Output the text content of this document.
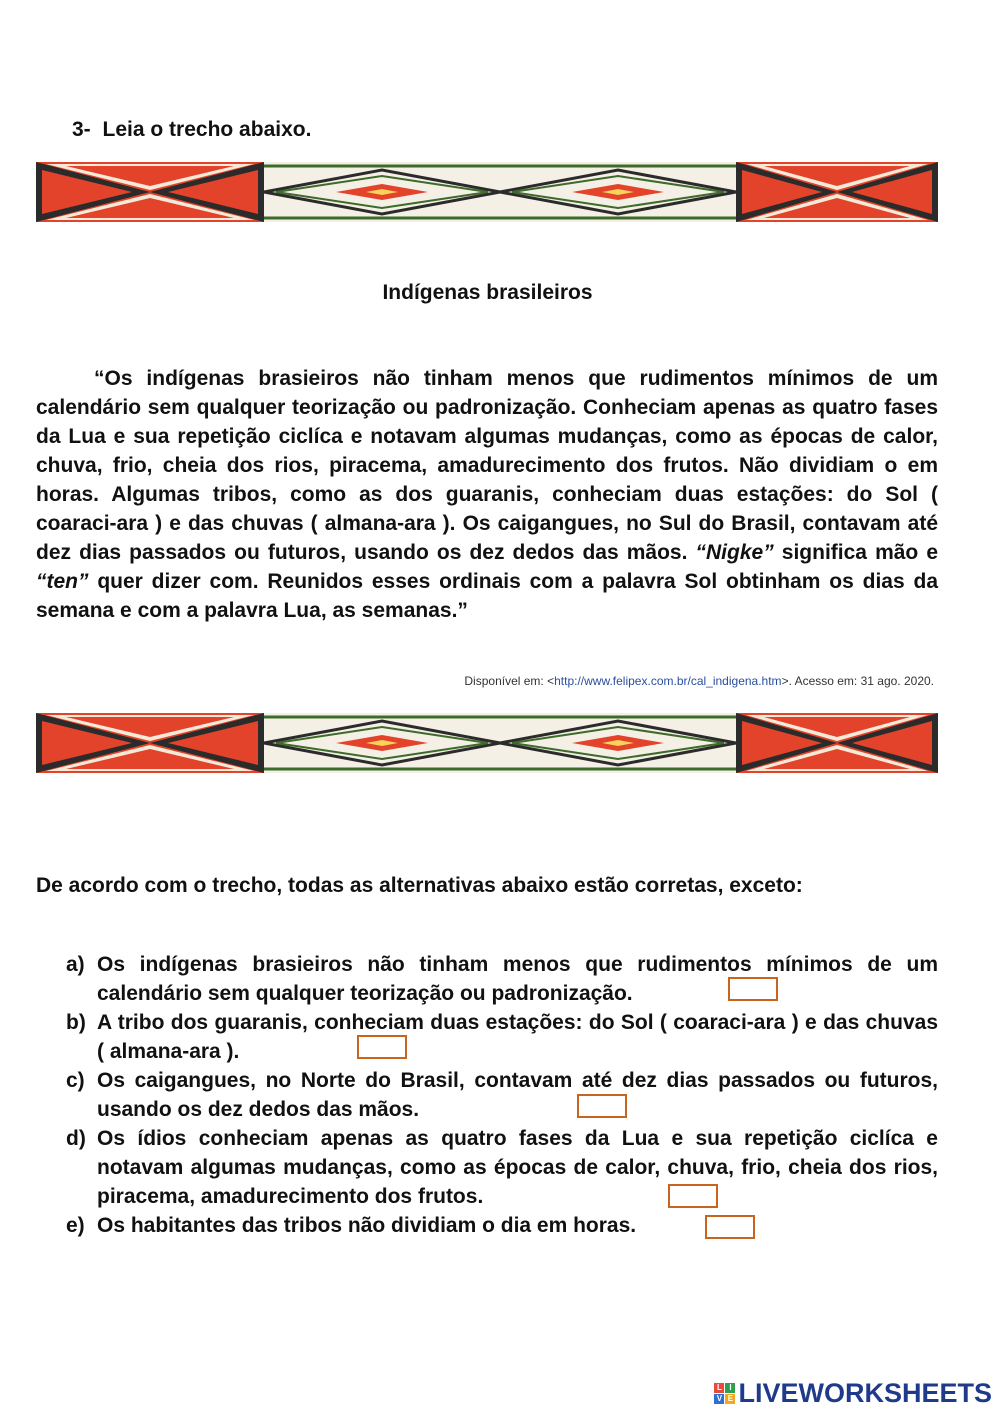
3- Leia o trecho abaixo.
Indígenas brasileiros

“Os indígenas brasieiros não tinham menos que rudimentos mínimos de um calendário sem qualquer teorização ou padronização. Conheciam apenas as quatro fases da Lua e sua repetição ciclíca e notavam algumas mudanças, como as épocas de calor, chuva, frio, cheia dos rios, piracema, amadurecimento dos frutos. Não dividiam o em horas. Algumas tribos, como as dos guaranis, conheciam duas estações: do Sol ( coaraci-ara ) e das chuvas ( almana-ara ). Os caigangues, no Sul do Brasil, contavam até dez dias passados ou futuros, usando os dez dedos das mãos. “Nigke” significa mão e “ten” quer dizer com. Reunidos esses ordinais com a palavra Sol obtinham os dias da semana e com a palavra Lua, as semanas.”

Disponível em: <http://www.felipex.com.br/cal_indigena.htm>. Acesso em: 31 ago. 2020.
De acordo com o trecho, todas as alternativas abaixo estão corretas, exceto:
a) Os indígenas brasieiros não tinham menos que rudimentos mínimos de um calendário sem qualquer teorização ou padronização.
b) A tribo dos guaranis, conheciam duas estações: do Sol ( coaraci-ara ) e das chuvas ( almana-ara ).
c) Os caigangues, no Norte do Brasil, contavam até dez dias passados ou futuros, usando os dez dedos das mãos.
d) Os ídios conheciam apenas as quatro fases da Lua e sua repetição ciclíca e notavam algumas mudanças, como as épocas de calor, chuva, frio, cheia dos rios, piracema, amadurecimento dos frutos.
e) Os habitantes das tribos não dividiam o dia em horas.
L I
V E LIVEWORKSHEETS
